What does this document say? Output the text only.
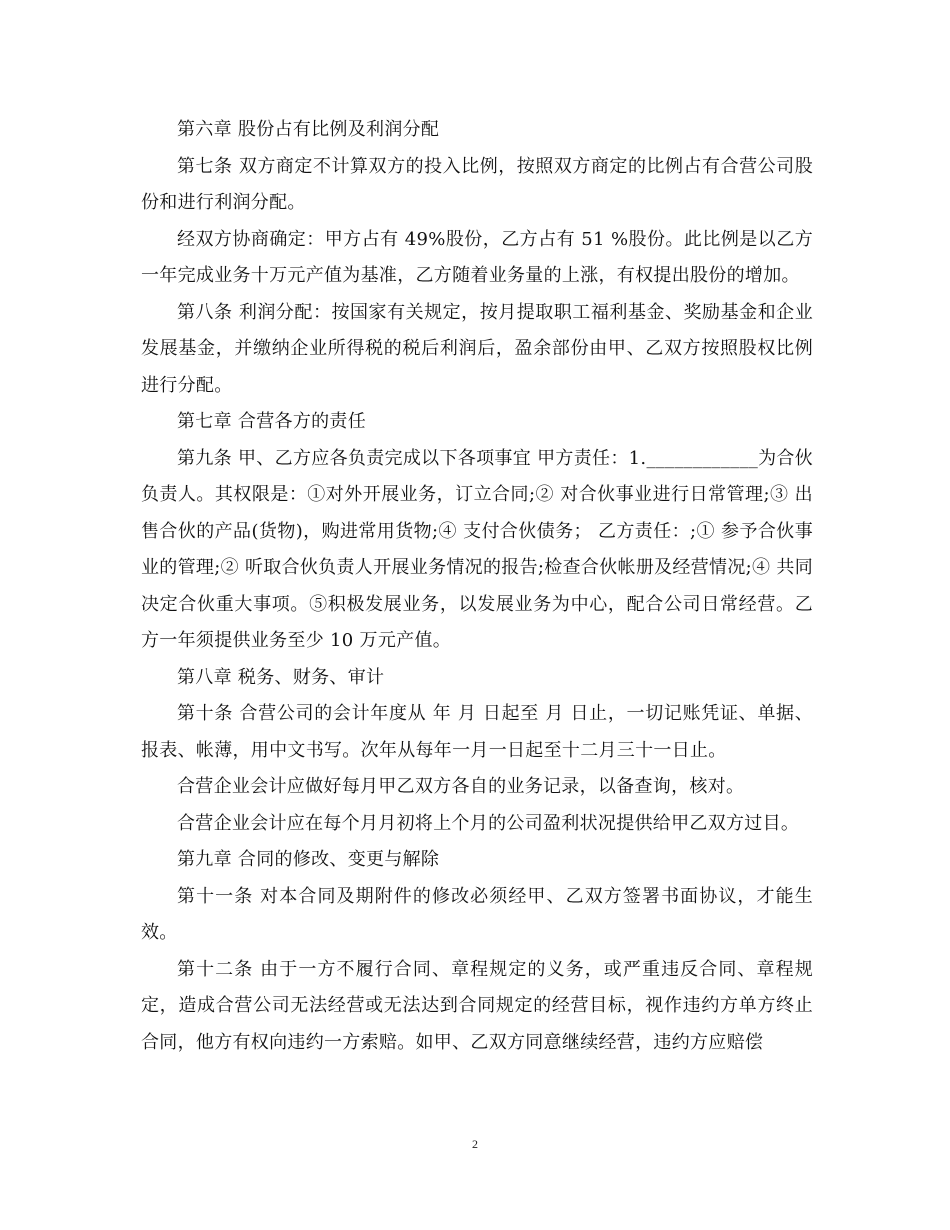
第六章 股份占有比例及利润分配

第七条 双方商定不计算双方的投入比例，按照双方商定的比例占有合营公司股份和进行利润分配。

经双方协商确定：甲方占有 49%股份，乙方占有 51 %股份。此比例是以乙方一年完成业务十万元产值为基准，乙方随着业务量的上涨，有权提出股份的增加。

第八条 利润分配：按国家有关规定，按月提取职工福利基金、奖励基金和企业发展基金，并缴纳企业所得税的税后利润后，盈余部份由甲、乙双方按照股权比例进行分配。

第七章 合营各方的责任

第九条 甲、乙方应各负责完成以下各项事宜 甲方责任：1.____________为合伙负责人。其权限是：①对外开展业务，订立合同;② 对合伙事业进行日常管理;③ 出售合伙的产品(货物)，购进常用货物;④ 支付合伙债务； 乙方责任：;① 参予合伙事业的管理;② 听取合伙负责人开展业务情况的报告;检查合伙帐册及经营情况;④ 共同决定合伙重大事项。⑤积极发展业务，以发展业务为中心，配合公司日常经营。乙方一年须提供业务至少 10 万元产值。

第八章 税务、财务、审计

第十条 合营公司的会计年度从 年 月 日起至 月 日止，一切记账凭证、单据、报表、帐薄，用中文书写。次年从每年一月一日起至十二月三十一日止。

合营企业会计应做好每月甲乙双方各自的业务记录，以备查询，核对。

合营企业会计应在每个月月初将上个月的公司盈利状况提供给甲乙双方过目。

第九章 合同的修改、变更与解除

第十一条 对本合同及期附件的修改必须经甲、乙双方签署书面协议，才能生效。

第十二条 由于一方不履行合同、章程规定的义务，或严重违反合同、章程规定，造成合营公司无法经营或无法达到合同规定的经营目标，视作违约方单方终止合同，他方有权向违约一方索赔。如甲、乙双方同意继续经营，违约方应赔偿

2
